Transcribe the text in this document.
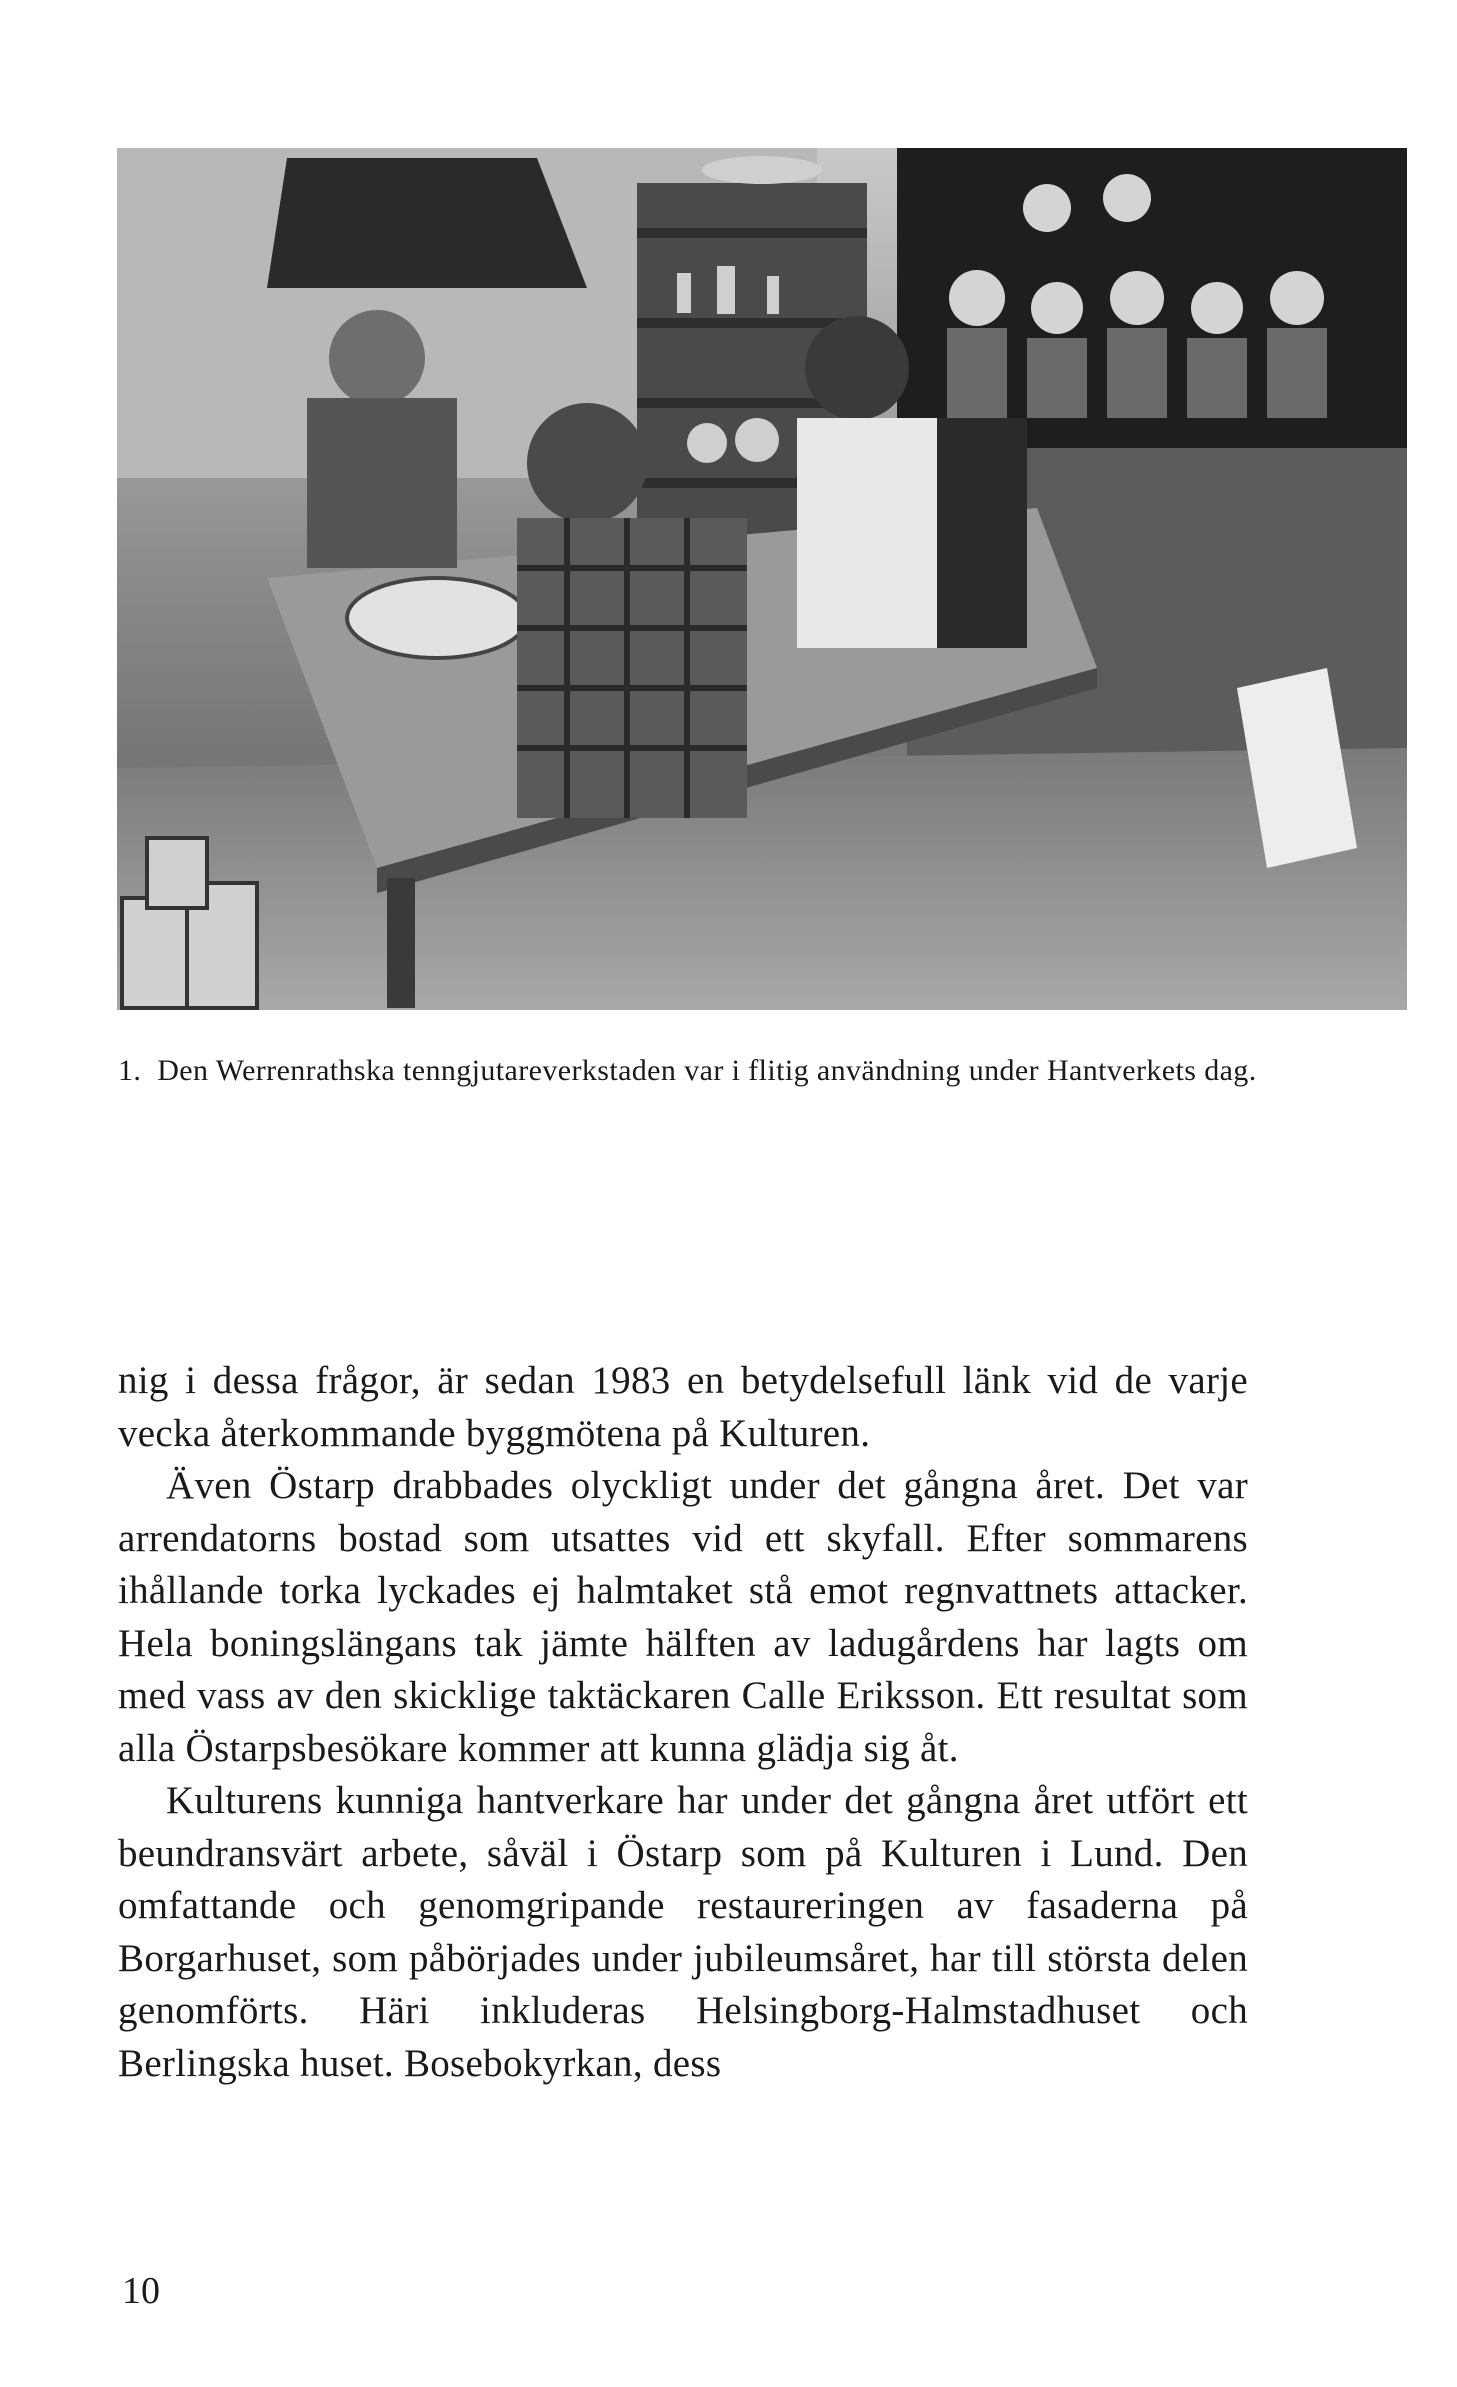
1. Den Werrenrathska tenngjutareverkstaden var i flitig användning under Hantverkets dag.

nig i dessa frågor, är sedan 1983 en betydelsefull länk vid de varje vecka återkommande byggmötena på Kulturen.

Även Östarp drabbades olyckligt under det gångna året. Det var arrendatorns bostad som utsattes vid ett skyfall. Efter sommarens ihållande torka lyckades ej halmtaket stå emot regnvattnets attacker. Hela boningslängans tak jämte hälften av ladugårdens har lagts om med vass av den skicklige taktäckaren Calle Eriksson. Ett resultat som alla Östarpsbesökare kommer att kunna glädja sig åt.

Kulturens kunniga hantverkare har under det gångna året utfört ett beundransvärt arbete, såväl i Östarp som på Kulturen i Lund. Den omfattande och genomgripande restaureringen av fasaderna på Borgarhuset, som påbörjades under jubileumsåret, har till största delen genomförts. Häri inkluderas Helsingborg-Halmstadhuset och Berlingska huset. Bosebokyrkan, dess

10
